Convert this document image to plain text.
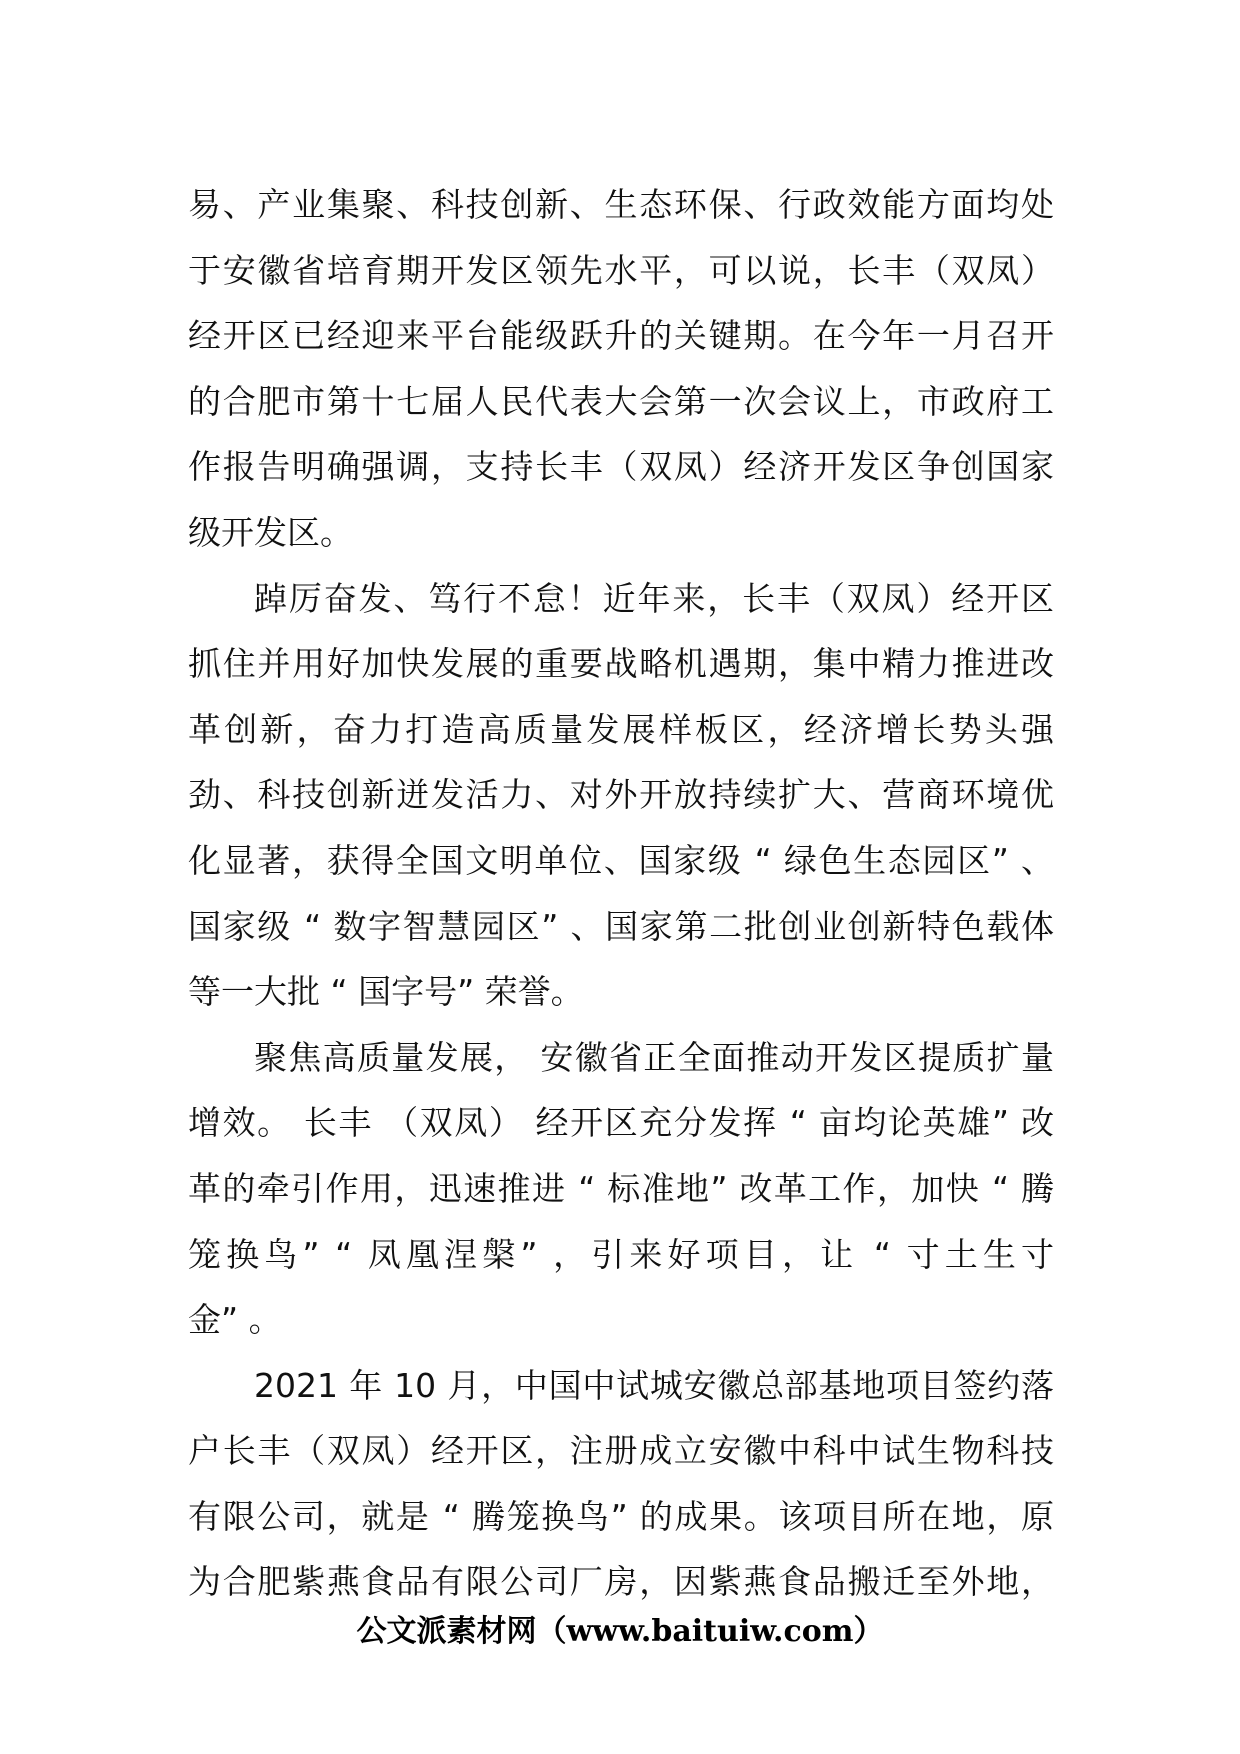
易、产业集聚、科技创新、生态环保、行政效能方面均处
于安徽省培育期开发区领先水平，可以说，长丰（双凤）
经开区已经迎来平台能级跃升的关键期。在今年一月召开
的合肥市第十七届人民代表大会第一次会议上，市政府工
作报告明确强调，支持长丰（双凤）经济开发区争创国家
级开发区。
踔厉奋发、笃行不怠！近年来，长丰（双凤）经开区
抓住并用好加快发展的重要战略机遇期，集中精力推进改
革创新，奋力打造高质量发展样板区，经济增长势头强
劲、科技创新迸发活力、对外开放持续扩大、营商环境优
化显著，获得全国文明单位、国家级 “ 绿色生态园区” 、
国家级 “ 数字智慧园区” 、国家第二批创业创新特色载体
等一大批 “ 国字号” 荣誉。
聚焦高质量发展， 安徽省正全面推动开发区提质扩量
增效。 长丰 （双凤） 经开区充分发挥 “ 亩均论英雄” 改
革的牵引作用，迅速推进 “ 标准地” 改革工作，加快 “ 腾
笼换鸟” “ 凤凰涅槃” ，引来好项目，让 “ 寸土生寸
金” 。
2021 年 10 月，中国中试城安徽总部基地项目签约落
户长丰（双凤）经开区，注册成立安徽中科中试生物科技
有限公司，就是 “ 腾笼换鸟” 的成果。该项目所在地，原
为合肥紫燕食品有限公司厂房，因紫燕食品搬迁至外地，
公文派素材网（www.baituiw.com）
